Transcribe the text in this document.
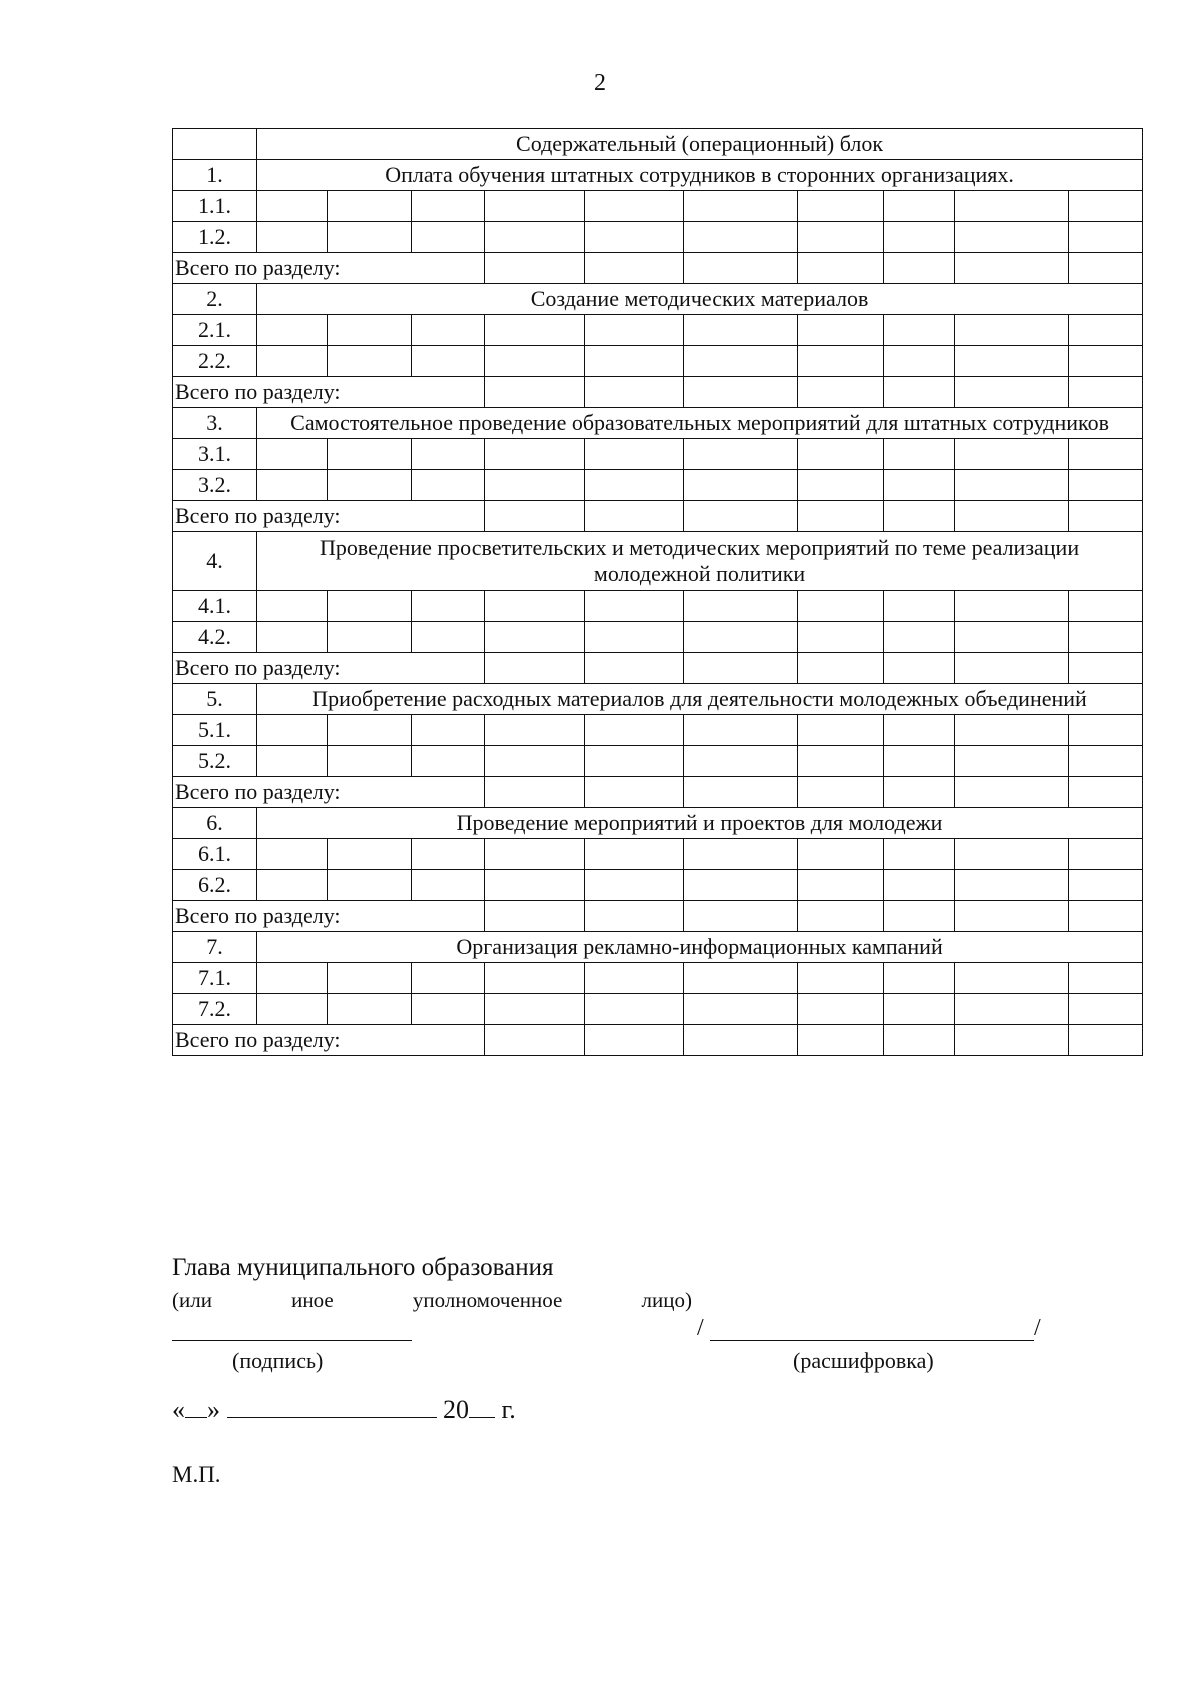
2
	Содержательный (операционный) блок									
1.	Оплата обучения штатных сотрудников в сторонних организациях.									
1.1.										
1.2.										
Всего по разделу:										
2.	Создание методических материалов									
2.1.										
2.2.										
Всего по разделу:										
3.	Самостоятельное проведение образовательных мероприятий для штатных сотрудников									
3.1.										
3.2.										
Всего по разделу:										
4.	Проведение просветительских и методических мероприятий по теме реализации молодежной политики									
4.1.										
4.2.										
Всего по разделу:										
5.	Приобретение расходных материалов для деятельности молодежных объединений									
5.1.										
5.2.										
Всего по разделу:										
6.	Проведение мероприятий и проектов для молодежи									
6.1.										
6.2.										
Всего по разделу:										
7.	Организация рекламно-информационных кампаний									
7.1.										
7.2.										
Всего по разделу:										
Глава муниципального образования
(или	иное	уполномоченное	лицо)
/	/
(подпись)	(расшифровка)
« »	20 г.
М.П.
